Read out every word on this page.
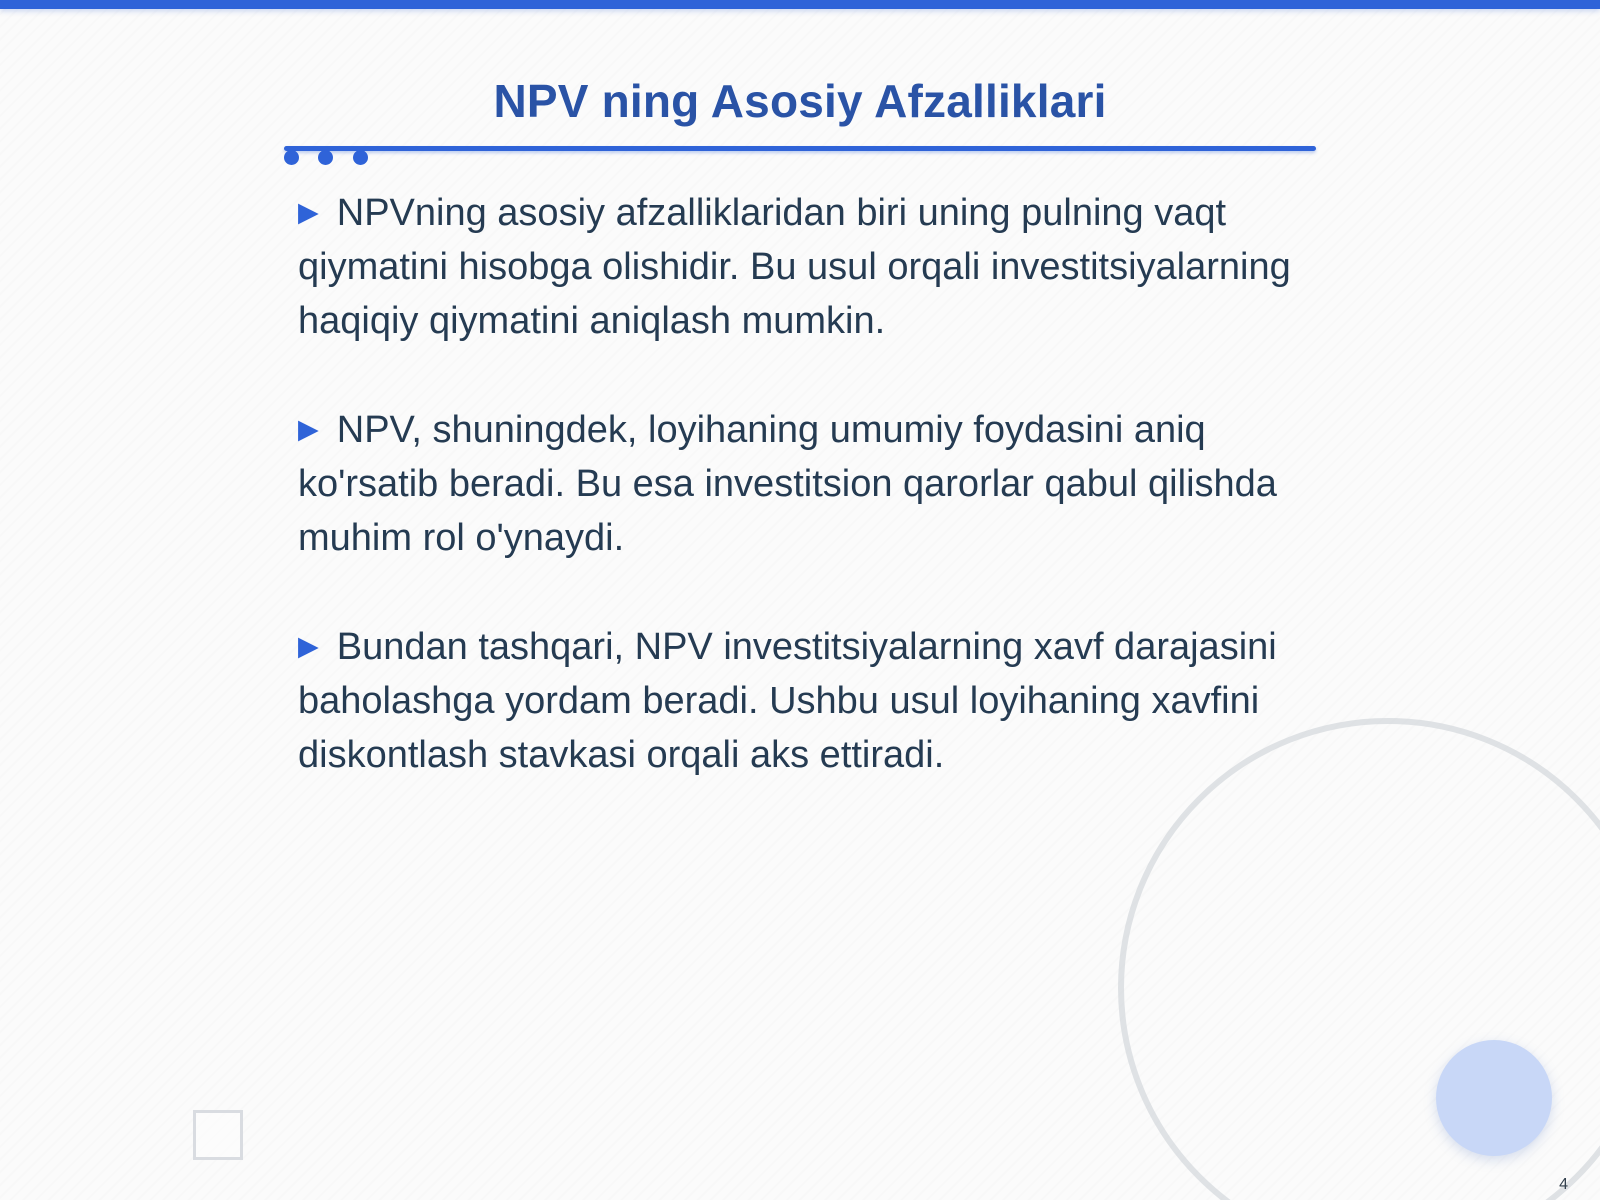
NPV ning Asosiy Afzalliklari

▶ NPVning asosiy afzalliklaridan biri uning pulning vaqt qiymatini hisobga olishidir. Bu usul orqali investitsiyalarning haqiqiy qiymatini aniqlash mumkin.

▶ NPV, shuningdek, loyihaning umumiy foydasini aniq ko'rsatib beradi. Bu esa investitsion qarorlar qabul qilishda muhim rol o'ynaydi.

▶ Bundan tashqari, NPV investitsiyalarning xavf darajasini baholashga yordam beradi. Ushbu usul loyihaning xavfini diskontlash stavkasi orqali aks ettiradi.

4
